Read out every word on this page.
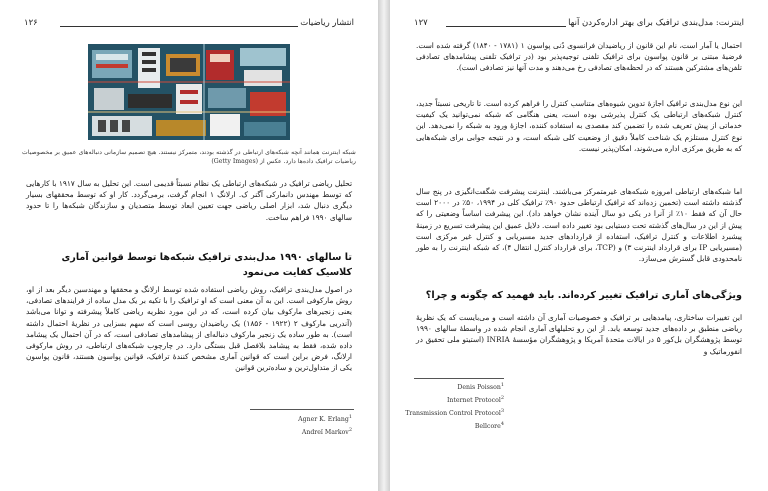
انتشار ریاضیات
۱۲۶
شبکه اینترنت همانند آنچه شبکه‌های ارتباطی در گذشته بودند، متمرکز نیستند. هیچ تصمیم سازمانی دنباله‌های عمیق بر مخصوصیات ریاضیات ترافیک داده‌ها دارد. عکس از (Getty Images)
تحلیل ریاضی ترافیک در شبکه‌های ارتباطی یک نظام نسبتاً قدیمی است. این تحلیل به سال ۱۹۱۷ با کارهایی که توسط مهندس دانمارکی آگنر ک. ارلانگ ۱ انجام گرفت، برمی‌گردد. کار او که توسط محققهای بسیار دیگری دنبال شد، ابزار اصلی ریاضی جهت تعیین ابعاد توسط متصدیان و سازندگان شبکه‌ها را تا حدود سالهای ۱۹۹۰ فراهم ساخت.
تا سالهای ۱۹۹۰ مدل‌بندی ترافیک شبکه‌ها توسط قوانین آماری کلاسیک کفایت می‌نمود
در اصول مدل‌بندی ترافیک، روش ریاضی استفاده شده توسط ارلانگ و محققها و مهندسین دیگر بعد از او، روش مارکوفی است. این به آن معنی است که او ترافیک را با تکیه بر یک مدل ساده از فرایندهای تصادفی، یعنی زنجیرهای مارکوف بیان کرده است، که در این مورد نظریه ریاضی کاملاً پیشرفته و توانا می‌باشد (آندریی مارکوف ۲ (۱۹۲۲ - ۱۸۵۶) یک ریاضیدان روسی است که سهم بسزایی در نظریهٔ احتمال داشته است). به طور ساده یک زنجیر مارکوف دنباله‌ای از پیشامدهای تصادفی است، که در آن احتمال یک پیشامد داده شده، فقط به پیشامد بلافصل قبل بستگی دارد. در چارچوب شبکه‌های ارتباطی، در روش مارکوفی ارلانگ، فرض براین است که قوانین آماری مشخص کنندهٔ ترافیک، قوانین پواسون هستند، قانون پواسون یکی از متداول‌ترین و ساده‌ترین قوانین
Agner K. Erlang$^1$
Andreï Markov$^2$
اینترنت: مدل‌بندی ترافیک برای بهتر اداره‌کردن آنها
۱۲۷
احتمال یا آمار است، نام این قانون از ریاضیدان فرانسوی دُنی پواسون ۱ (۱۷۸۱ - ۱۸۴۰) گرفته شده است. فرضیهٔ مبتنی بر قانون پواسون برای ترافیک تلفنی توجیه‌پذیر بود (در ترافیک تلفنی پیشامدهای تصادفی تلفن‌های مشترکین هستند که در لحظه‌های تصادفی رخ می‌دهند و مدت آنها نیز تصادفی است).
این نوع مدل‌بندی ترافیک اجازهٔ تدوین شیوه‌های متناسب کنترل را فراهم کرده است. تا تاریخی نسبتاً جدید، کنترل شبکه‌های ارتباطی یک کنترل پذیرشی بوده است، یعنی هنگامی که شبکه نمی‌توانید یک کیفیت خدماتی از پیش تعریف شده را تضمین کند مقصدی به استفاده کننده، اجازهٔ ورود به شبکه را نمی‌دهد. این نوع کنترل مستلزم یک شناخت کاملاً دقیق از وضعیت کلی شبکه است، و در نتیجه جوابی برای شبکه‌هایی که به طریق مرکزی اداره می‌شوند، امکان‌پذیر نیست.
اما شبکه‌های ارتباطی امروزه شبکه‌های غیرمتمرکز می‌باشند. اینترنت پیشرفت شگفت‌انگیزی در پنج سال گذشته داشته است (تخمین زده‌اند که ترافیک ارتباطی حدود ۹۰٪ ترافیک کلی در ۱۹۹۴، ۵۰٪ در ۲۰۰۰ است حال آن که فقط ۱۰٪ از آنرا در یکی دو سال آینده نشان خواهد داد). این پیشرفت اساساً وضعیتی را که پیش از این در سال‌های گذشته تحت دستیابی بود تغییر داده است. دلایل عمیق این پیشرفت تسریع در زمینهٔ پیشبرد اطلاعات و کنترل ترافیک، استفاده از قراردادهای جدید مسیریابی و کنترل غیر مرکزی است (مسیریابی IP برای قرارداد اینترنت ۳) و (TCP، برای قرارداد کنترل انتقال ۴)، که شبکه اینترنت را به طور نامحدودی قابل گسترش می‌سازد.
ویژگی‌های آماری ترافیک تغییر کرده‌اند. باید فهمید که چگونه و چرا؟
این تغییرات ساختاری، پیامدهایی بر ترافیک و خصوصیات آماری آن داشته است و می‌بایست که یک نظریهٔ ریاضی منطبق بر داده‌های جدید توسعه یابد. از این رو تحلیلهای آماری انجام شده در واسطهٔ سالهای ۱۹۹۰ توسط پژوهشگران بل‌کور ۵ در ایالات متحدهٔ آمریکا و پژوهشگران مؤسسهٔ INRIA (استیتو ملی تحقیق در انفورماتیک و
Denis Poisson$^1$
Internet Protocol$^2$
Transmission Control Protocol$^3$
Bellcore$^4$
